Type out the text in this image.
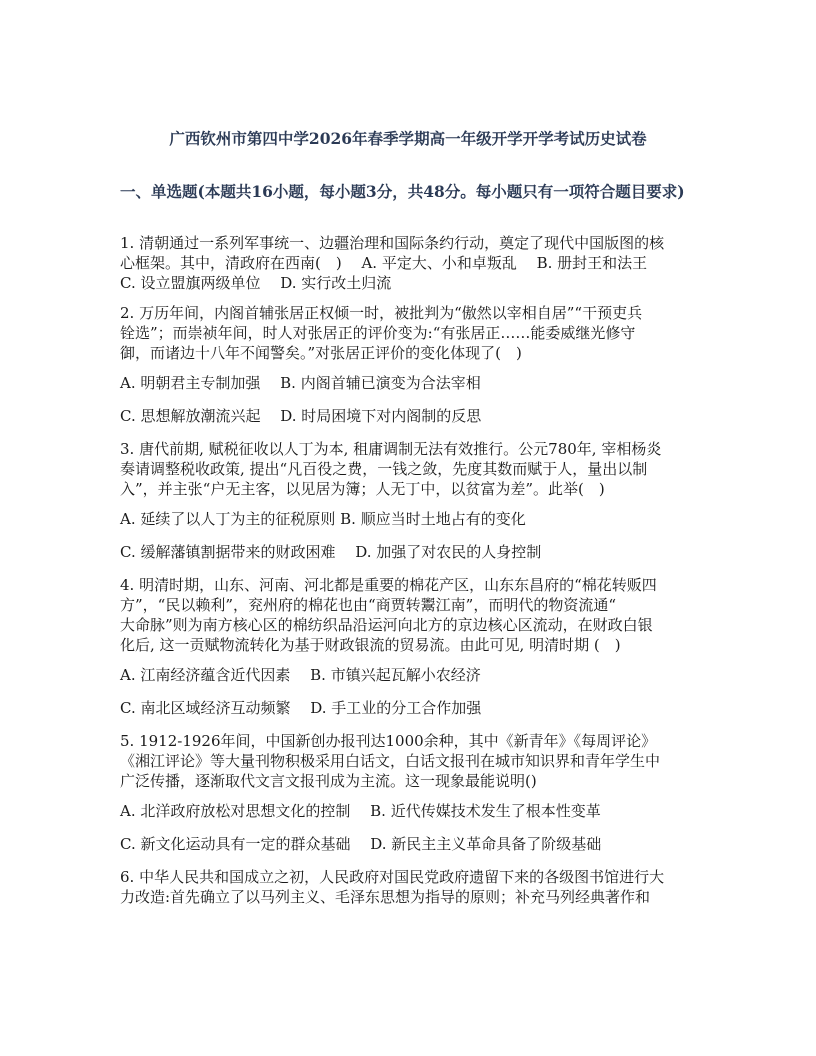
广西钦州市第四中学2026年春季学期高一年级开学开学考试历史试卷
一、单选题(本题共16小题，每小题3分，共48分。每小题只有一项符合题目要求)

1. 清朝通过一系列军事统一、边疆治理和国际条约行动，奠定了现代中国版图的核
心框架。其中，清政府在西南(　)　 A. 平定大、小和卓叛乱　 B. 册封王和法王
C. 设立盟旗两级单位　 D. 实行改土归流

2. 万历年间，内阁首辅张居正权倾一时，被批判为“傲然以宰相自居”“干预吏兵
铨选”；而崇祯年间，时人对张居正的评价变为:“有张居正……能委威继光修守
御，而诸边十八年不闻警矣。”对张居正评价的变化体现了(　)

A. 明朝君主专制加强　 B. 内阁首辅已演变为合法宰相

C. 思想解放潮流兴起　 D. 时局困境下对内阁制的反思

3. 唐代前期, 赋税征收以人丁为本, 租庸调制无法有效推行。公元780年, 宰相杨炎
奏请调整税收政策, 提出“凡百役之费，一钱之敛，先度其数而赋于人，量出以制
入”，并主张“户无主客，以见居为簿；人无丁中，以贫富为差”。此举(　)

A. 延续了以人丁为主的征税原则 B. 顺应当时土地占有的变化

C. 缓解藩镇割据带来的财政困难　 D. 加强了对农民的人身控制

4. 明清时期，山东、河南、河北都是重要的棉花产区，山东东昌府的“棉花转贩四
方”，“民以赖利”，兖州府的棉花也由“商贾转鬻江南”，而明代的物资流通“
大命脉”则为南方核心区的棉纺织品沿运河向北方的京边核心区流动，在财政白银
化后, 这一贡赋物流转化为基于财政银流的贸易流。由此可见, 明清时期 (　)

A. 江南经济蕴含近代因素　 B. 市镇兴起瓦解小农经济

C. 南北区域经济互动频繁　 D. 手工业的分工合作加强

5. 1912-1926年间，中国新创办报刊达1000余种，其中《新青年》《每周评论》
《湘江评论》等大量刊物积极采用白话文，白话文报刊在城市知识界和青年学生中
广泛传播，逐渐取代文言文报刊成为主流。这一现象最能说明()

A. 北洋政府放松对思想文化的控制　 B. 近代传媒技术发生了根本性变革

C. 新文化运动具有一定的群众基础　 D. 新民主主义革命具备了阶级基础

6. 中华人民共和国成立之初，人民政府对国民党政府遗留下来的各级图书馆进行大
力改造:首先确立了以马列主义、毛泽东思想为指导的原则；补充马列经典著作和
